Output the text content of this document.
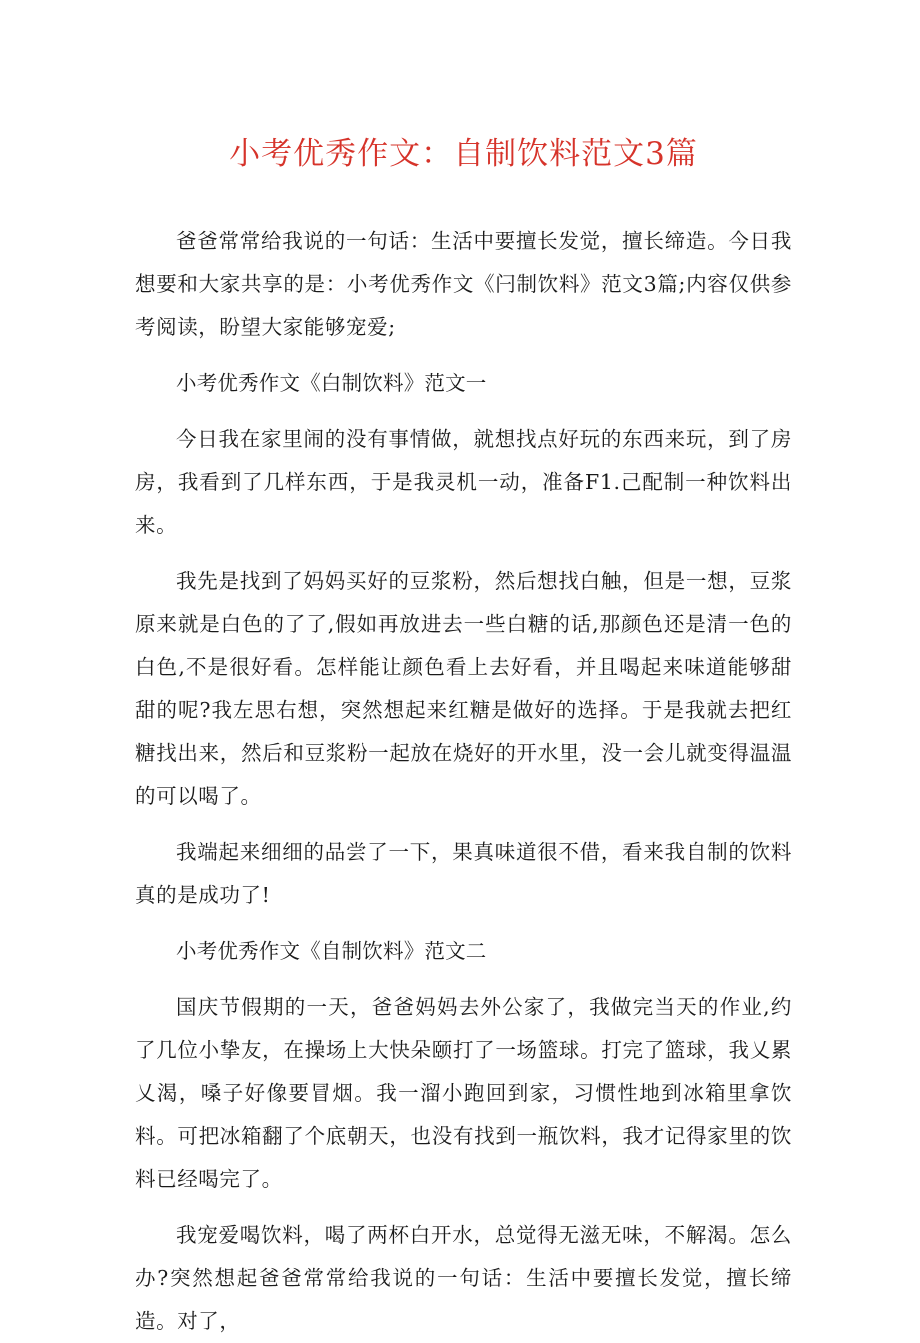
小考优秀作文：自制饮料范文3篇

爸爸常常给我说的一句话：生活中要擅长发觉，擅长缔造。今日我想要和大家共享的是：小考优秀作文《闩制饮料》范文3篇;内容仅供参考阅读，盼望大家能够宠爱;

小考优秀作文《白制饮料》范文一

今日我在家里闹的没有事情做，就想找点好玩的东西来玩，到了房房，我看到了几样东西，于是我灵机一动，准备F1.己配制一种饮料出来。

我先是找到了妈妈买好的豆浆粉，然后想找白触，但是一想，豆浆原来就是白色的了了,假如再放进去一些白糖的话,那颜色还是清一色的白色,不是很好看。怎样能让颜色看上去好看，并且喝起来味道能够甜甜的呢?我左思右想，突然想起来红糖是做好的选择。于是我就去把红糖找出来，然后和豆浆粉一起放在烧好的开水里，没一会儿就变得温温的可以喝了。

我端起来细细的品尝了一下，果真味道很不借，看来我自制的饮料真的是成功了!

小考优秀作文《自制饮料》范文二

国庆节假期的一天，爸爸妈妈去外公家了，我做完当天的作业,约了几位小挚友，在操场上大快朵颐打了一场篮球。打完了篮球，我乂累乂渴，嗓子好像要冒烟。我一溜小跑回到家，习惯性地到冰箱里拿饮料。可把冰箱翻了个底朝天，也没有找到一瓶饮料，我才记得家里的饮料已经喝完了。

我宠爱喝饮料，喝了两杯白开水，总觉得无滋无味，不解渴。怎么办?突然想起爸爸常常给我说的一句话：生活中要擅长发觉，擅长缔造。对了，
